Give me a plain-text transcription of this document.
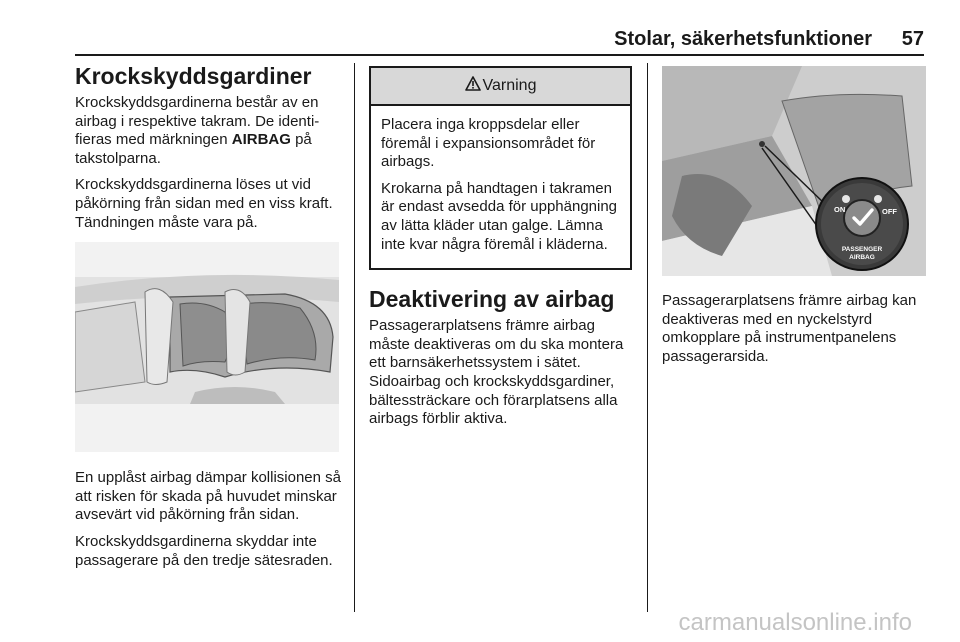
Stolar, säkerhetsfunktioner 57
Krockskyddsgardiner

Krockskyddsgardinerna består av en airbag i respektive takram. De identifieras med märkningen AIRBAG på takstolparna.

Krockskyddsgardinerna löses ut vid påkörning från sidan med en viss kraft. Tändningen måste vara på.

En upplåst airbag dämpar kollisionen så att risken för skada på huvudet minskar avsevärt vid påkörning från sidan.

Krockskyddsgardinerna skyddar inte passagerare på den tredje sätesraden.

Varning

Placera inga kroppsdelar eller föremål i expansionsområdet för airbags.

Krokarna på handtagen i takramen är endast avsedda för upphängning av lätta kläder utan galge. Lämna inte kvar några föremål i kläderna.

Deaktivering av airbag

Passagerarplatsens främre airbag måste deaktiveras om du ska montera ett barnsäkerhetssystem i sätet. Sidoairbag och krockskyddsgardiner, bältessträckare och förarplatsens alla airbags förblir aktiva.

ON	OFF
PASSENGER
AIRBAG

Passagerarplatsens främre airbag kan deaktiveras med en nyckelstyrd omkopplare på instrumentpanelens passagerarsida.

carmanualsonline.info
